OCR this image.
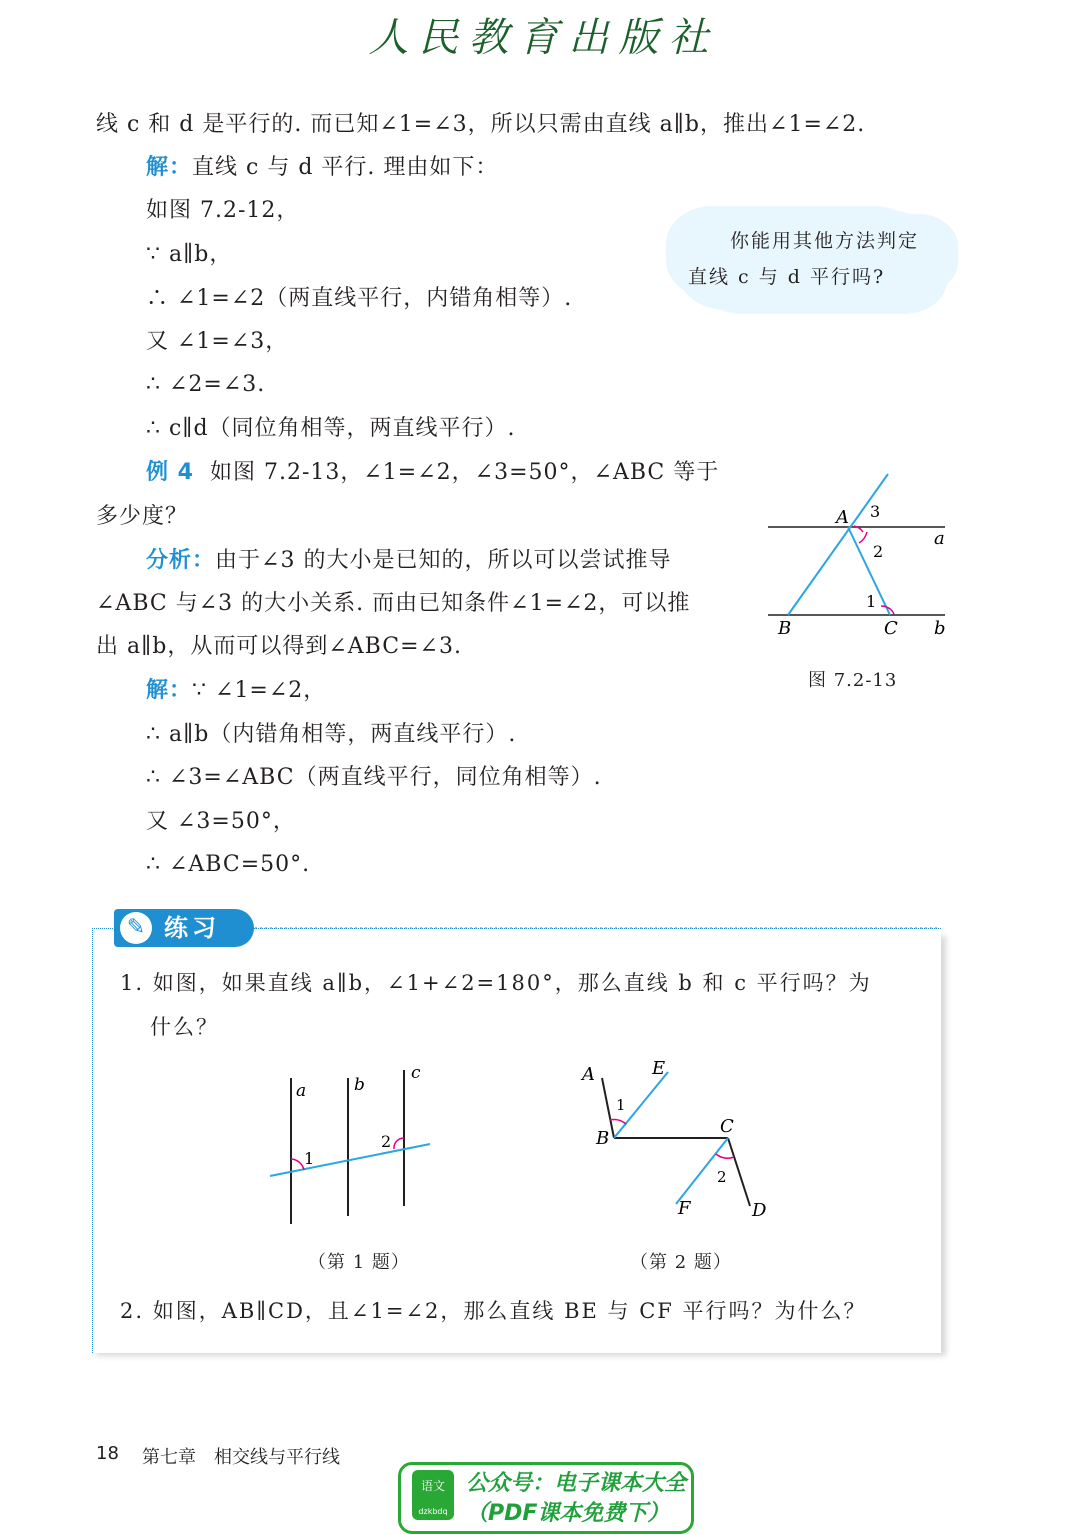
人民教育出版社
线 c 和 d 是平行的. 而已知∠1=∠3，所以只需由直线 a∥b，推出∠1=∠2.
解：直线 c 与 d 平行. 理由如下：
如图 7.2-12，
∵ a∥b，
∴ ∠1=∠2（两直线平行，内错角相等）.
又 ∠1=∠3，
∴ ∠2=∠3.
∴ c∥d（同位角相等，两直线平行）.
你能用其他方法判定
直线 c 与 d 平行吗?
例 4 如图 7.2-13，∠1=∠2，∠3=50°，∠ABC 等于
多少度？
分析：由于∠3 的大小是已知的，所以可以尝试推导
∠ABC 与∠3 的大小关系. 而由已知条件∠1=∠2，可以推
出 a∥b，从而可以得到∠ABC=∠3.
解：∵ ∠1=∠2，
∴ a∥b（内错角相等，两直线平行）.
∴ ∠3=∠ABC（两直线平行，同位角相等）.
又 ∠3=50°，
∴ ∠ABC=50°.
A 3
2
1
a
b
B	C
图 7.2-13
✎ 练习
1. 如图，如果直线 a∥b，∠1+∠2=180°，那么直线 b 和 c 平行吗？为
什么？
a	b
c
1
2
（第 1 题）
A	E
B
C
1
2
F	D
（第 2 题）
2. 如图，AB∥CD，且∠1=∠2，那么直线 BE 与 CF 平行吗？为什么？
18 第七章　相交线与平行线
语文
dzkbdq
公众号：电子课本大全
（PDF课本免费下）
